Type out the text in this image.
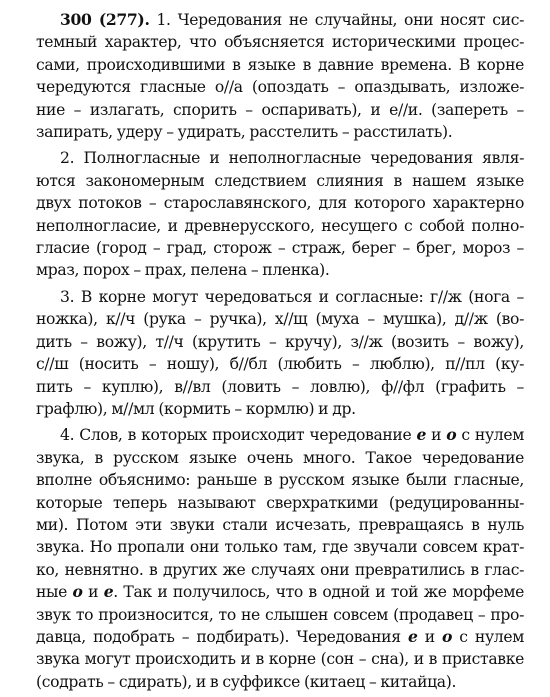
300 (277). 1. Чередования не случайны, они носят сис-
темный характер, что объясняется историческими процес-
сами, происходившими в языке в давние времена. В корне
чередуются гласные о//а (опоздать – опаздывать, изложе-
ние – излагать, спорить – оспаривать), и е//и. (запереть –
запирать, удеру – удирать, расстелить – расстилать).
2. Полногласные и неполногласные чередования явля-
ются закономерным следствием слияния в нашем языке
двух потоков – старославянского, для которого характерно
неполногласие, и древнерусского, несущего с собой полно-
гласие (город – град, сторож – страж, берег – брег, мороз –
мраз, порох – прах, пелена – пленка).
3. В корне могут чередоваться и согласные: г//ж (нога –
ножка), к//ч (рука – ручка), х//щ (муха – мушка), д//ж (во-
дить – вожу), т//ч (крутить – кручу), з//ж (возить – вожу),
с//ш (носить – ношу), б//бл (любить – люблю), п//пл (ку-
пить – куплю), в//вл (ловить – ловлю), ф//фл (графить –
графлю), м//мл (кормить – кормлю) и др.
4. Слов, в которых происходит чередование е и о с нулем
звука, в русском языке очень много. Такое чередование
вполне объяснимо: раньше в русском языке были гласные,
которые теперь называют сверхраткими (редуцированны-
ми). Потом эти звуки стали исчезать, превращаясь в нуль
звука. Но пропали они только там, где звучали совсем крат-
ко, невнятно. в других же случаях они превратились в глас-
ные о и е. Так и получилось, что в одной и той же морфеме
звук то произносится, то не слышен совсем (продавец – про-
давца, подобрать – подбирать). Чередования е и о с нулем
звука могут происходить и в корне (сон – сна), и в приставке
(содрать – сдирать), и в суффиксе (китаец – китайца).
